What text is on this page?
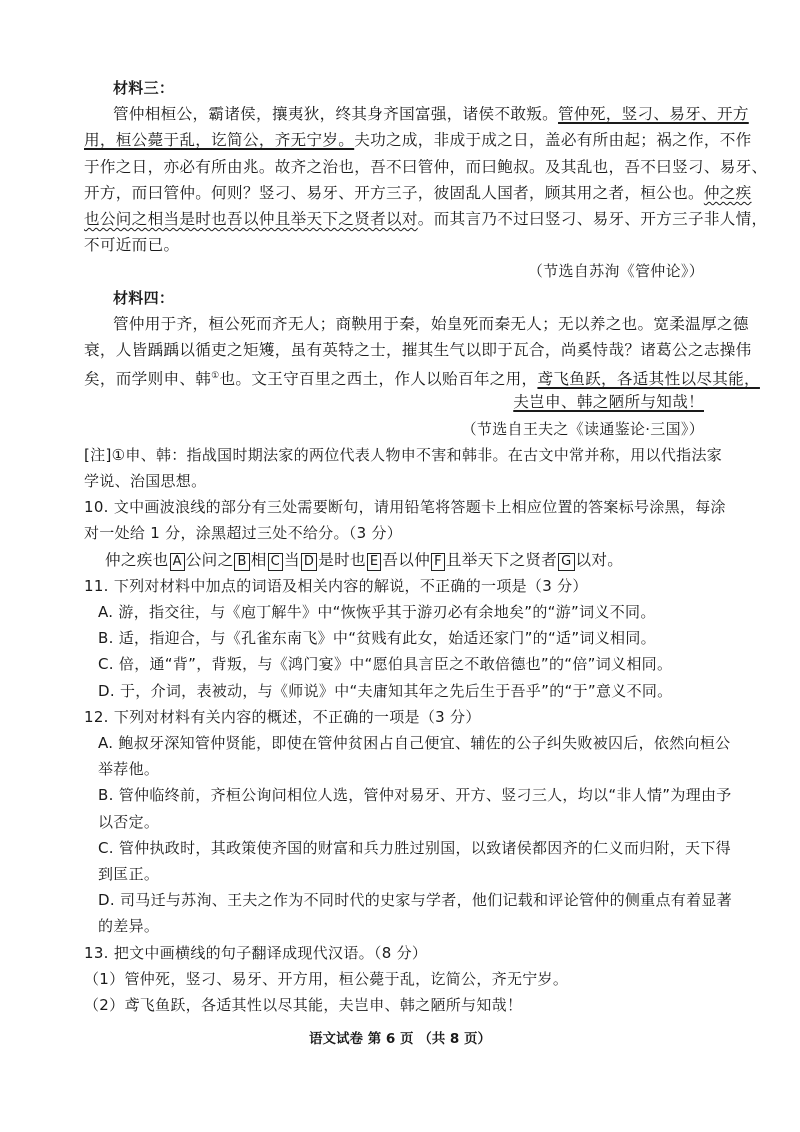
材料三：
管仲相桓公，霸诸侯，攘夷狄，终其身齐国富强，诸侯不敢叛。管仲死，竖刁、易牙、开方
用，桓公薨于乱，讫简公，齐无宁岁。夫功之成，非成于成之日，盖必有所由起；祸之作，不作
于作之日，亦必有所由兆。故齐之治也，吾不曰管仲，而曰鲍叔。及其乱也，吾不曰竖刁、易牙、
开方，而曰管仲。何则？竖刁、易牙、开方三子，彼固乱人国者，顾其用之者，桓公也。仲之疾
也公问之相当是时也吾以仲且举天下之贤者以对。而其言乃不过曰竖刁、易牙、开方三子非人情，
不可近而已。
（节选自苏洵《管仲论》）
材料四：
管仲用于齐，桓公死而齐无人；商鞅用于秦，始皇死而秦无人；无以养之也。宽柔温厚之德
衰，人皆踽踽以循吏之矩矱，虽有英特之士，摧其生气以即于瓦合，尚奚恃哉？诸葛公之志操伟
矣，而学则申、韩①也。文王守百里之西土，作人以贻百年之用，鸢飞鱼跃，各适其性以尽其能，
夫岂申、韩之陋所与知哉！
（节选自王夫之《读通鉴论·三国》）
[注]①申、韩：指战国时期法家的两位代表人物申不害和韩非。在古文中常并称，用以代指法家
学说、治国思想。
10. 文中画波浪线的部分有三处需要断句，请用铅笔将答题卡上相应位置的答案标号涂黑，每涂
对一处给 1 分，涂黑超过三处不给分。（3 分）
仲之疾也 A 公问之 B 相 C 当 D 是时也 E 吾以仲 F 且举天下之贤者 G 以对。
11. 下列对材料中加点的词语及相关内容的解说，不正确的一项是（3 分）
A. 游，指交往，与《庖丁解牛》中“恢恢乎其于游刃必有余地矣”的“游”词义不同。
B. 适，指迎合，与《孔雀东南飞》中“贫贱有此女，始适还家门”的“适”词义相同。
C. 倍，通“背”，背叛，与《鸿门宴》中“愿伯具言臣之不敢倍德也”的“倍”词义相同。
D. 于，介词，表被动，与《师说》中“夫庸知其年之先后生于吾乎”的“于”意义不同。
12. 下列对材料有关内容的概述，不正确的一项是（3 分）
A. 鲍叔牙深知管仲贤能，即使在管仲贫困占自己便宜、辅佐的公子纠失败被囚后，依然向桓公
举荐他。
B. 管仲临终前，齐桓公询问相位人选，管仲对易牙、开方、竖刁三人，均以“非人情”为理由予
以否定。
C. 管仲执政时，其政策使齐国的财富和兵力胜过别国，以致诸侯都因齐的仁义而归附，天下得
到匡正。
D. 司马迁与苏洵、王夫之作为不同时代的史家与学者，他们记载和评论管仲的侧重点有着显著
的差异。
13. 把文中画横线的句子翻译成现代汉语。（8 分）
语文试卷 第 6 页 （共 8 页）
（1）管仲死，竖刁、易牙、开方用，桓公薨于乱，讫简公，齐无宁岁。
（2）鸢飞鱼跃，各适其性以尽其能，夫岂申、韩之陋所与知哉！
